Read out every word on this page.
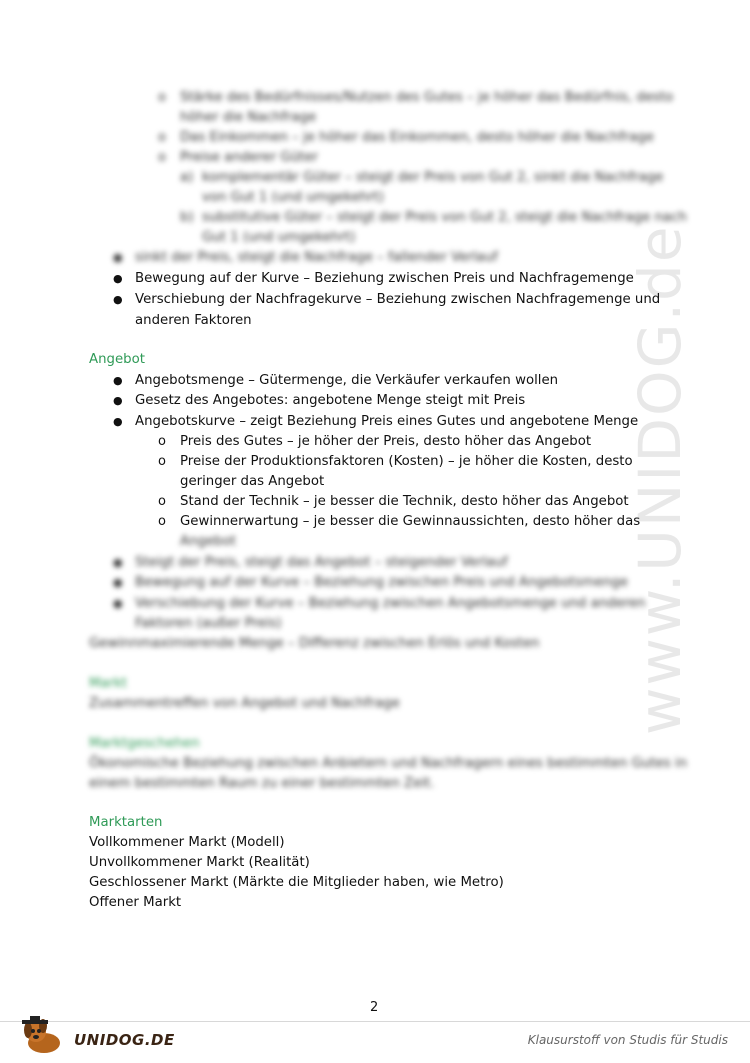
www.UNIDOG.de
o Stärke des Bedürfnisses/Nutzen des Gutes – je höher das Bedürfnis, desto
höher die Nachfrage
o Das Einkommen – je höher das Einkommen, desto höher die Nachfrage
o Preise anderer Güter
a) komplementär Güter – steigt der Preis von Gut 2, sinkt die Nachfrage
von Gut 1 (und umgekehrt)
b) substitutive Güter – steigt der Preis von Gut 2, steigt die Nachfrage nach
Gut 1 (und umgekehrt)
● sinkt der Preis, steigt die Nachfrage – fallender Verlauf
● Bewegung auf der Kurve – Beziehung zwischen Preis und Nachfragemenge
● Verschiebung der Nachfragekurve – Beziehung zwischen Nachfragemenge und
anderen Faktoren
Angebot
● Angebotsmenge – Gütermenge, die Verkäufer verkaufen wollen
● Gesetz des Angebotes: angebotene Menge steigt mit Preis
● Angebotskurve – zeigt Beziehung Preis eines Gutes und angebotene Menge
o Preis des Gutes – je höher der Preis, desto höher das Angebot
o Preise der Produktionsfaktoren (Kosten) – je höher die Kosten, desto
geringer das Angebot
o Stand der Technik – je besser die Technik, desto höher das Angebot
o Gewinnerwartung – je besser die Gewinnaussichten, desto höher das
Angebot
● Steigt der Preis, steigt das Angebot – steigender Verlauf
● Bewegung auf der Kurve – Beziehung zwischen Preis und Angebotsmenge
● Verschiebung der Kurve – Beziehung zwischen Angebotsmenge und anderen
Faktoren (außer Preis)
Gewinnmaximierende Menge – Differenz zwischen Erlös und Kosten
Markt
Zusammentreffen von Angebot und Nachfrage
Marktgeschehen
Ökonomische Beziehung zwischen Anbietern und Nachfragern eines bestimmten Gutes in
einem bestimmten Raum zu einer bestimmten Zeit.
Marktarten
Vollkommener Markt (Modell)
Unvollkommener Markt (Realität)
Geschlossener Markt (Märkte die Mitglieder haben, wie Metro)
Offener Markt
2
UNIDOG.DE	Klausurstoff von Studis für Studis
